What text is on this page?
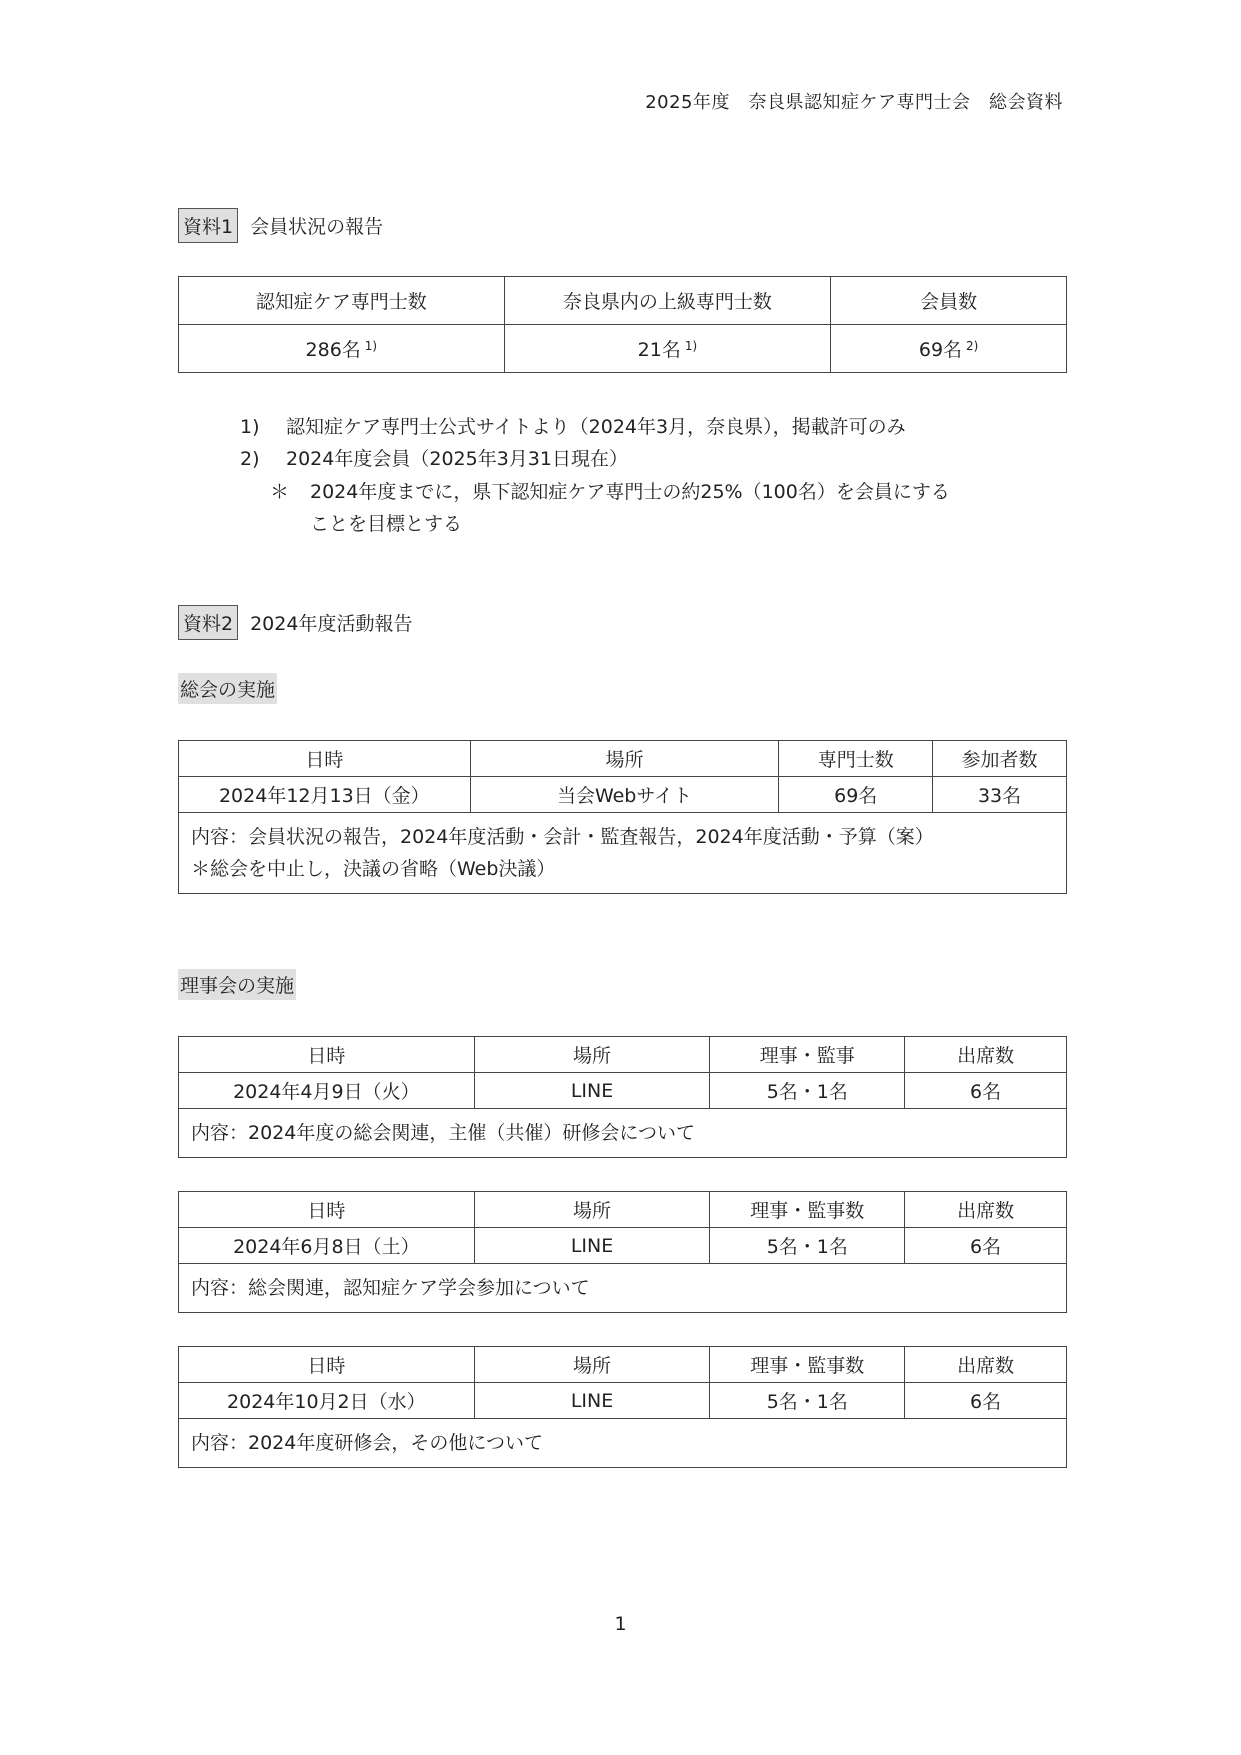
2025年度　奈良県認知症ケア専門士会　総会資料
資料1 会員状況の報告
認知症ケア専門士数	奈良県内の上級専門士数	会員数
286名 $^{1)}$	21名 $^{1)}$	69名 $^{2)}$
1) 認知症ケア専門士公式サイトより（2024年3月，奈良県），掲載許可のみ
2) 2024年度会員（2025年3月31日現在）
＊ 2024年度までに，県下認知症ケア専門士の約25%（100名）を会員にする
ことを目標とする
資料2 2024年度活動報告
総会の実施
日時	場所	専門士数	参加者数
2024年12月13日（金）	当会Webサイト	69名	33名

内容：会員状況の報告，2024年度活動・会計・監査報告，2024年度活動・予算（案）
＊総会を中止し，決議の省略（Web決議）			
理事会の実施
日時	場所	理事・監事	出席数
2024年4月9日（火）	LINE	5名・1名	6名
内容：2024年度の総会関連，主催（共催）研修会について			
日時	場所	理事・監事数	出席数
2024年6月8日（土）	LINE	5名・1名	6名
内容：総会関連，認知症ケア学会参加について			
日時	場所	理事・監事数	出席数
2024年10月2日（水）	LINE	5名・1名	6名
内容：2024年度研修会，その他について			
1
